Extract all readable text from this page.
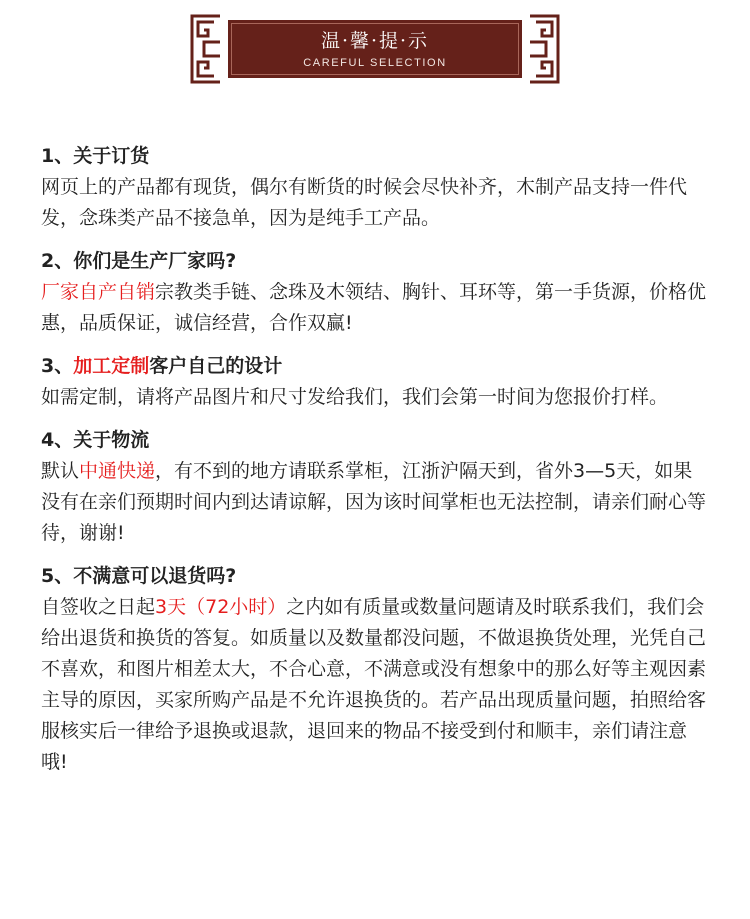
温·馨·提·示
CAREFUL SELECTION
1、关于订货

网页上的产品都有现货，偶尔有断货的时候会尽快补齐，木制产品支持一件代发，念珠类产品不接急单，因为是纯手工产品。

2、你们是生产厂家吗?

厂家自产自销宗教类手链、念珠及木领结、胸针、耳环等，第一手货源，价格优惠，品质保证，诚信经营，合作双赢!

3、加工定制客户自己的设计

如需定制，请将产品图片和尺寸发给我们，我们会第一时间为您报价打样。

4、关于物流

默认中通快递，有不到的地方请联系掌柜，江浙沪隔天到，省外3—5天，如果没有在亲们预期时间内到达请谅解，因为该时间掌柜也无法控制，请亲们耐心等待，谢谢!

5、不满意可以退货吗?

自签收之日起3天（72小时）之内如有质量或数量问题请及时联系我们，我们会给出退货和换货的答复。如质量以及数量都没问题，不做退换货处理，光凭自己不喜欢，和图片相差太大，不合心意，不满意或没有想象中的那么好等主观因素主导的原因，买家所购产品是不允许退换货的。若产品出现质量问题，拍照给客服核实后一律给予退换或退款，退回来的物品不接受到付和顺丰，亲们请注意哦!
